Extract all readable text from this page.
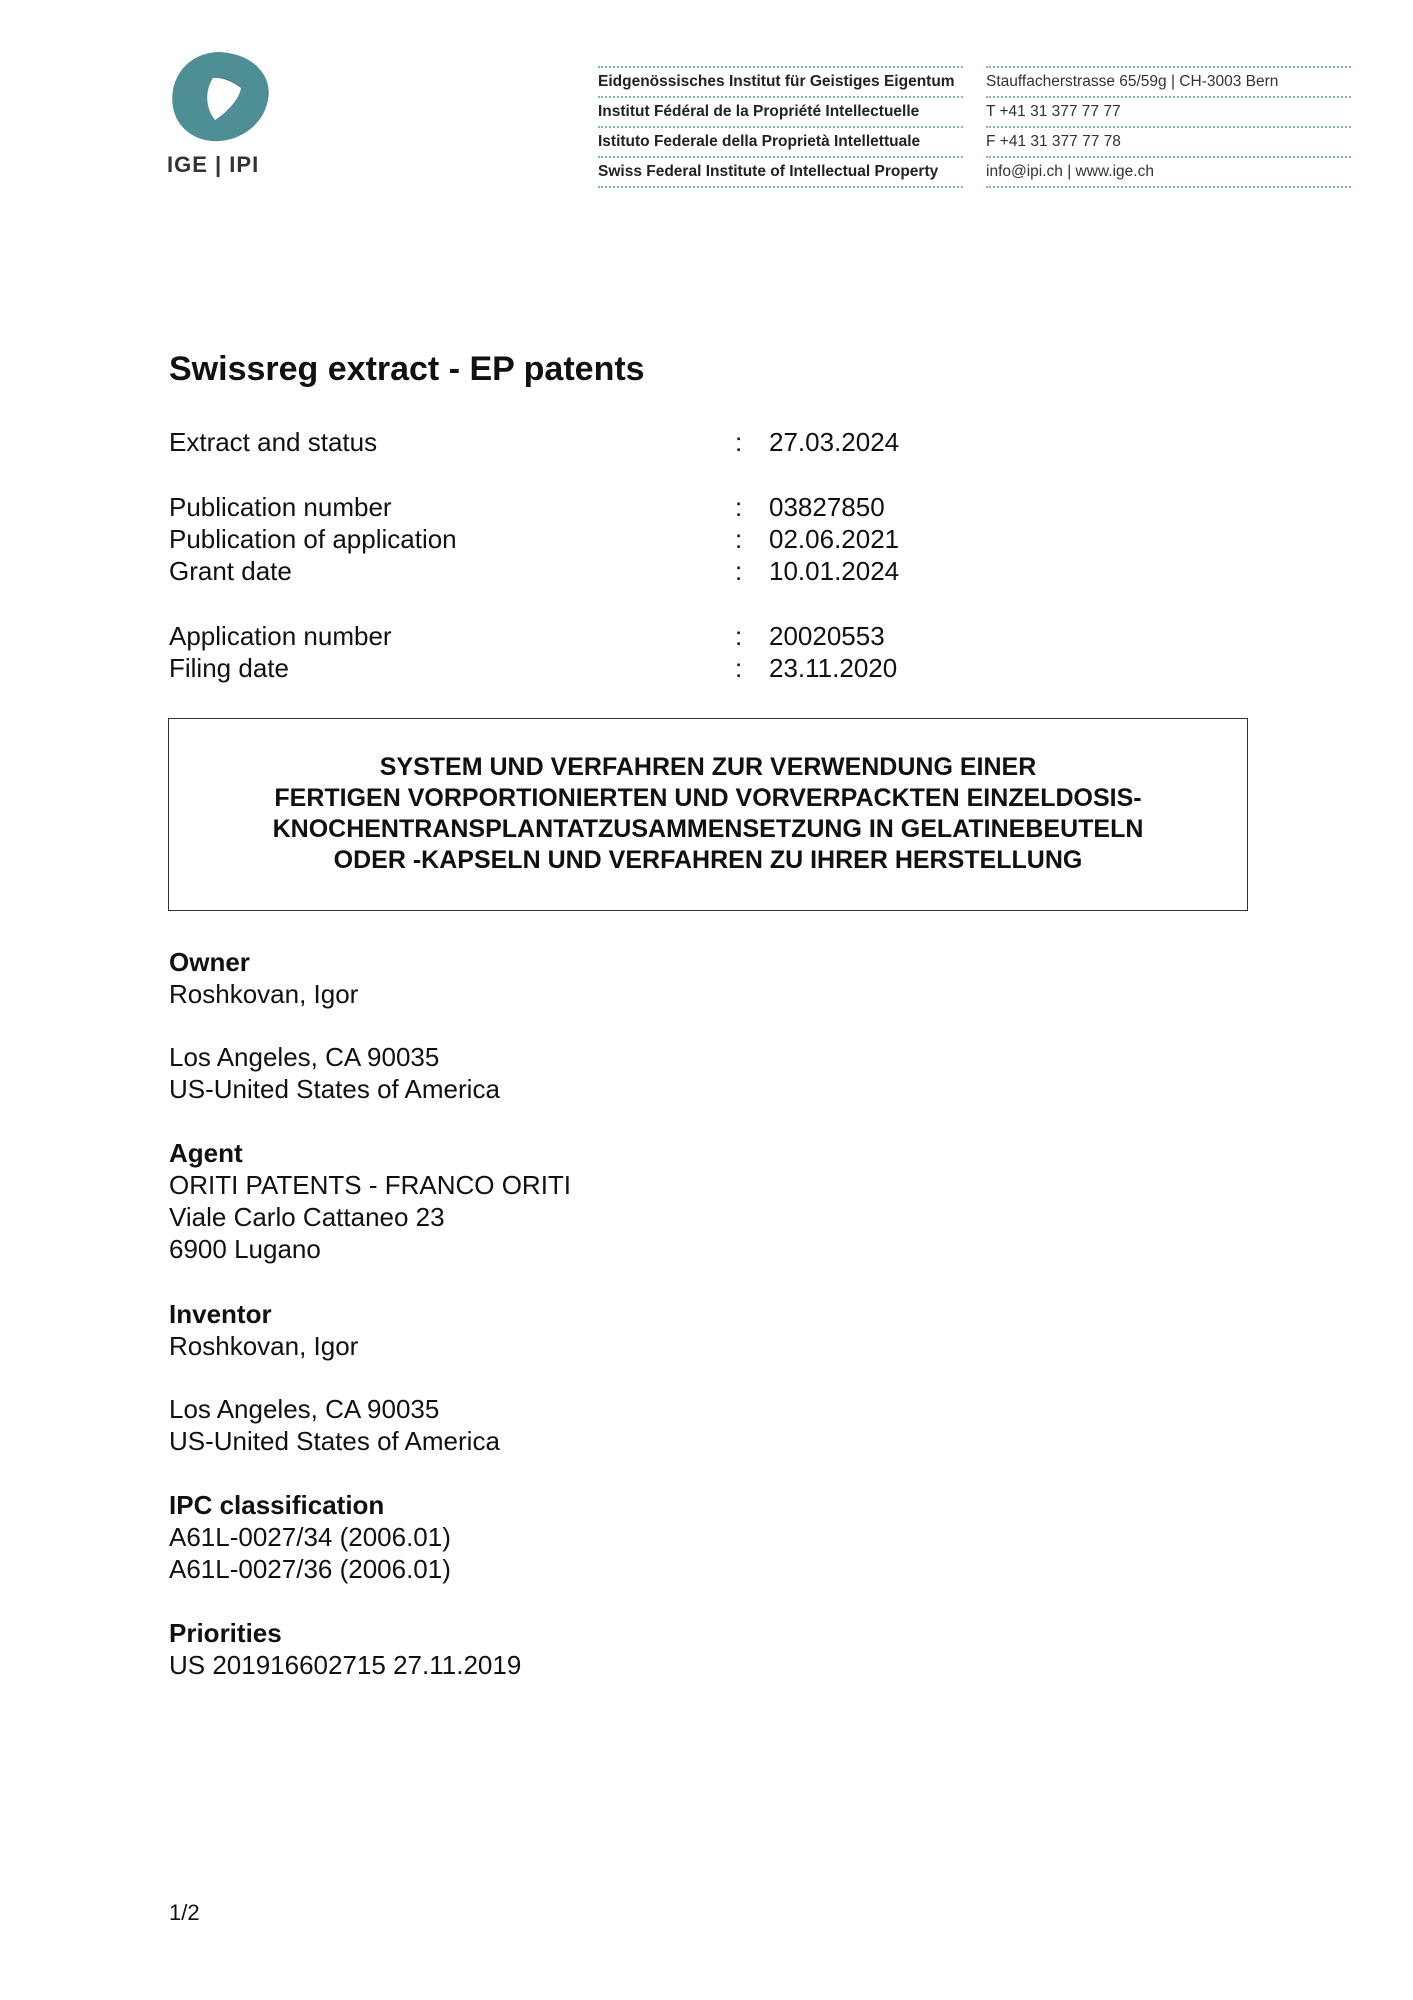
IGE | IPI
Eidgenössisches Institut für Geistiges Eigentum
Institut Fédéral de la Propriété Intellectuelle
Istituto Federale della Proprietà Intellettuale
Swiss Federal Institute of Intellectual Property
Stauffacherstrasse 65/59g | CH-3003 Bern
T +41 31 377 77 77
F +41 31 377 77 78
info@ipi.ch | www.ige.ch
Swissreg extract - EP patents
Extract and status	: 27.03.2024
Publication number	: 03827850
Publication of application	: 02.06.2021
Grant date	: 10.01.2024
Application number	: 20020553
Filing date	: 23.11.2020
SYSTEM UND VERFAHREN ZUR VERWENDUNG EINER
FERTIGEN VORPORTIONIERTEN UND VORVERPACKTEN EINZELDOSIS-
KNOCHENTRANSPLANTATZUSAMMENSETZUNG IN GELATINEBEUTELN
ODER -KAPSELN UND VERFAHREN ZU IHRER HERSTELLUNG
Owner
Roshkovan, Igor
Los Angeles, CA 90035
US-United States of America
Agent
ORITI PATENTS - FRANCO ORITI
Viale Carlo Cattaneo 23
6900 Lugano
Inventor
Roshkovan, Igor
Los Angeles, CA 90035
US-United States of America
IPC classification
A61L-0027/34 (2006.01)
A61L-0027/36 (2006.01)
Priorities
US 201916602715 27.11.2019
1/2
